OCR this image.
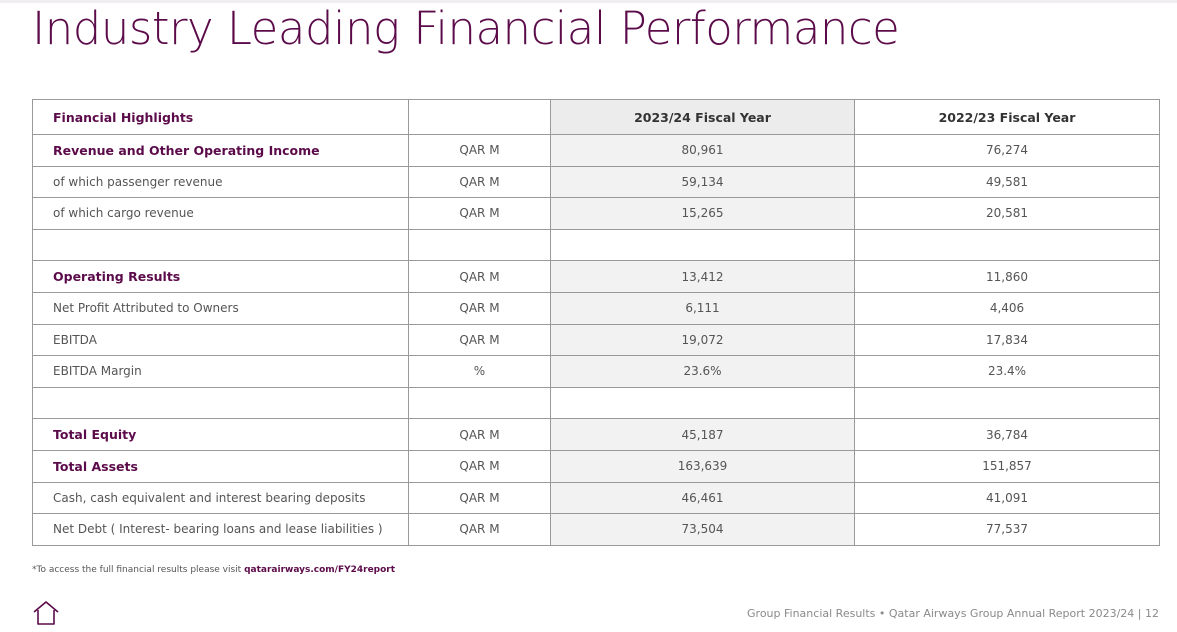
Industry Leading Financial Performance
Financial Highlights		2023/24 Fiscal Year	2022/23 Fiscal Year
Revenue and Other Operating Income	QAR M	80,961	76,274
of which passenger revenue	QAR M	59,134	49,581
of which cargo revenue	QAR M	15,265	20,581

Operating Results	QAR M	13,412	11,860
Net Profit Attributed to Owners	QAR M	6,111	4,406
EBITDA	QAR M	19,072	17,834
EBITDA Margin	%	23.6%	23.4%

Total Equity	QAR M	45,187	36,784
Total Assets	QAR M	163,639	151,857
Cash, cash equivalent and interest bearing deposits	QAR M	46,461	41,091
Net Debt ( Interest- bearing loans and lease liabilities )	QAR M	73,504	77,537
*To access the full financial results please visit qatarairways.com/FY24report
Group Financial Results • Qatar Airways Group Annual Report 2023/24 | 12
